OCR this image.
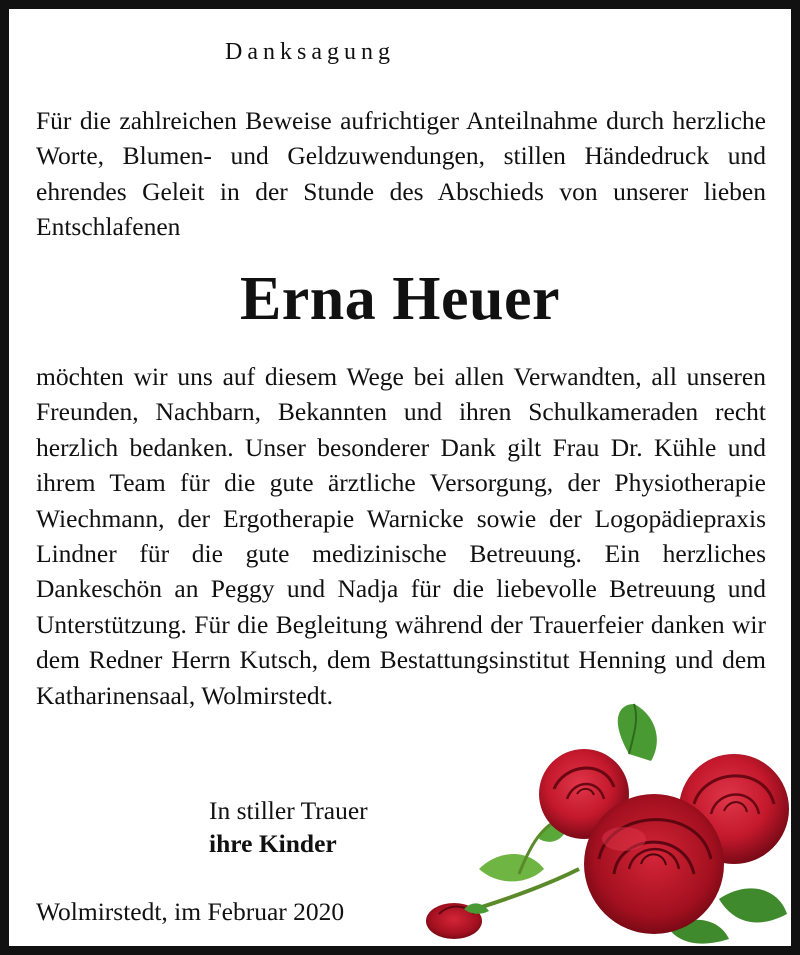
Danksagung

Für die zahlreichen Beweise aufrichtiger Anteilnahme durch herzliche Worte, Blumen- und Geldzuwendungen, stillen Händedruck und ehrendes Geleit in der Stunde des Abschieds von unserer lieben Entschlafenen

Erna Heuer

möchten wir uns auf diesem Wege bei allen Verwandten, all unseren Freunden, Nachbarn, Bekannten und ihren Schulkameraden recht herzlich bedanken. Unser besonderer Dank gilt Frau Dr. Kühle und ihrem Team für die gute ärztliche Versorgung, der Physiotherapie Wiechmann, der Ergotherapie Warnicke sowie der Logopädiepraxis Lindner für die gute medizinische Betreuung. Ein herzliches Dankeschön an Peggy und Nadja für die liebevolle Betreuung und Unterstützung. Für die Begleitung während der Trauerfeier danken wir dem Redner Herrn Kutsch, dem Bestattungsinstitut Henning und dem Katharinensaal, Wolmirstedt.

In stiller Trauer
ihre Kinder
Wolmirstedt, im Februar 2020
